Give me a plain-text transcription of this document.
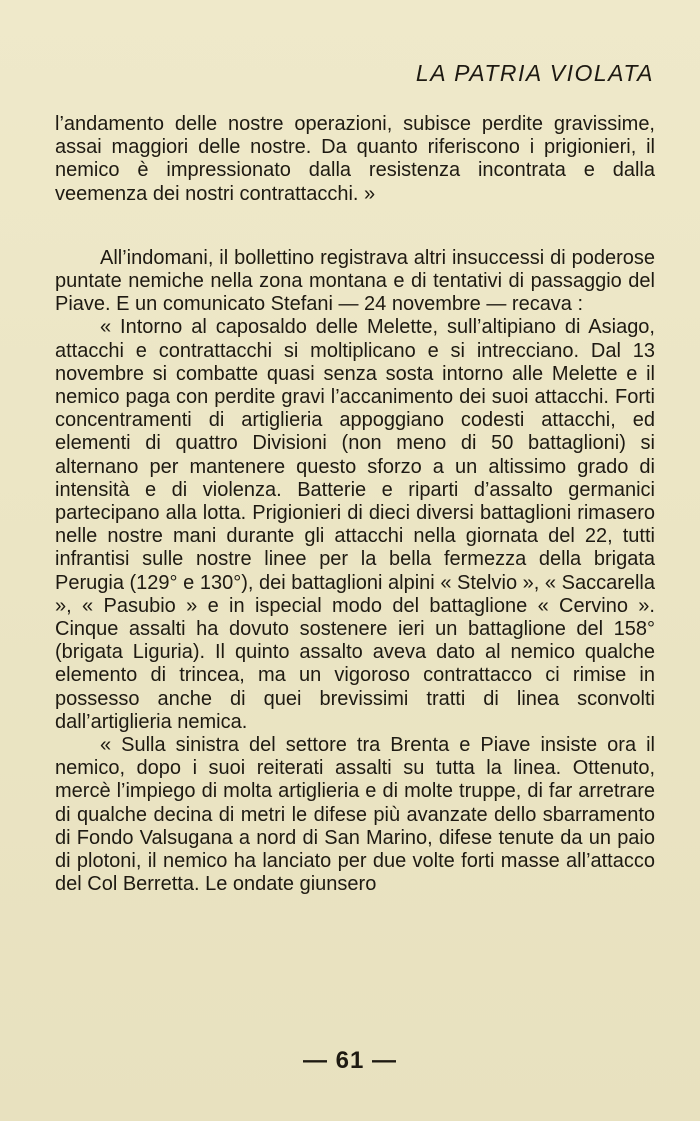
LA PATRIA VIOLATA

l’andamento delle nostre operazioni, subisce perdite gravissime, assai maggiori delle nostre. Da quanto riferiscono i prigionieri, il nemico è impressionato dalla resistenza incontrata e dalla veemenza dei nostri contrattacchi. »

All’indomani, il bollettino registrava altri insuccessi di poderose puntate nemiche nella zona montana e di tentativi di passaggio del Piave. E un comunicato Stefani — 24 novembre — recava :

« Intorno al caposaldo delle Melette, sull’altipiano di Asiago, attacchi e contrattacchi si moltiplicano e si intrecciano. Dal 13 novembre si combatte quasi senza sosta intorno alle Melette e il nemico paga con perdite gravi l’accanimento dei suoi attacchi. Forti concentramenti di artiglieria appoggiano codesti attacchi, ed elementi di quattro Divisioni (non meno di 50 battaglioni) si alternano per mantenere questo sforzo a un altissimo grado di intensità e di violenza. Batterie e riparti d’assalto germanici partecipano alla lotta. Prigionieri di dieci diversi battaglioni rimasero nelle nostre mani durante gli attacchi nella giornata del 22, tutti infrantisi sulle nostre linee per la bella fermezza della brigata Perugia (129° e 130°), dei battaglioni alpini « Stelvio », « Saccarella », « Pasubio » e in ispecial modo del battaglione « Cervino ». Cinque assalti ha dovuto sostenere ieri un battaglione del 158° (brigata Liguria). Il quinto assalto aveva dato al nemico qualche elemento di trincea, ma un vigoroso contrattacco ci rimise in possesso anche di quei brevissimi tratti di linea sconvolti dall’artiglieria nemica.

« Sulla sinistra del settore tra Brenta e Piave insiste ora il nemico, dopo i suoi reiterati assalti su tutta la linea. Ottenuto, mercè l’impiego di molta artiglieria e di molte truppe, di far arretrare di qualche decina di metri le difese più avanzate dello sbarramento di Fondo Valsugana a nord di San Marino, difese tenute da un paio di plotoni, il nemico ha lanciato per due volte forti masse all’attacco del Col Berretta. Le ondate giunsero

— 61 —
